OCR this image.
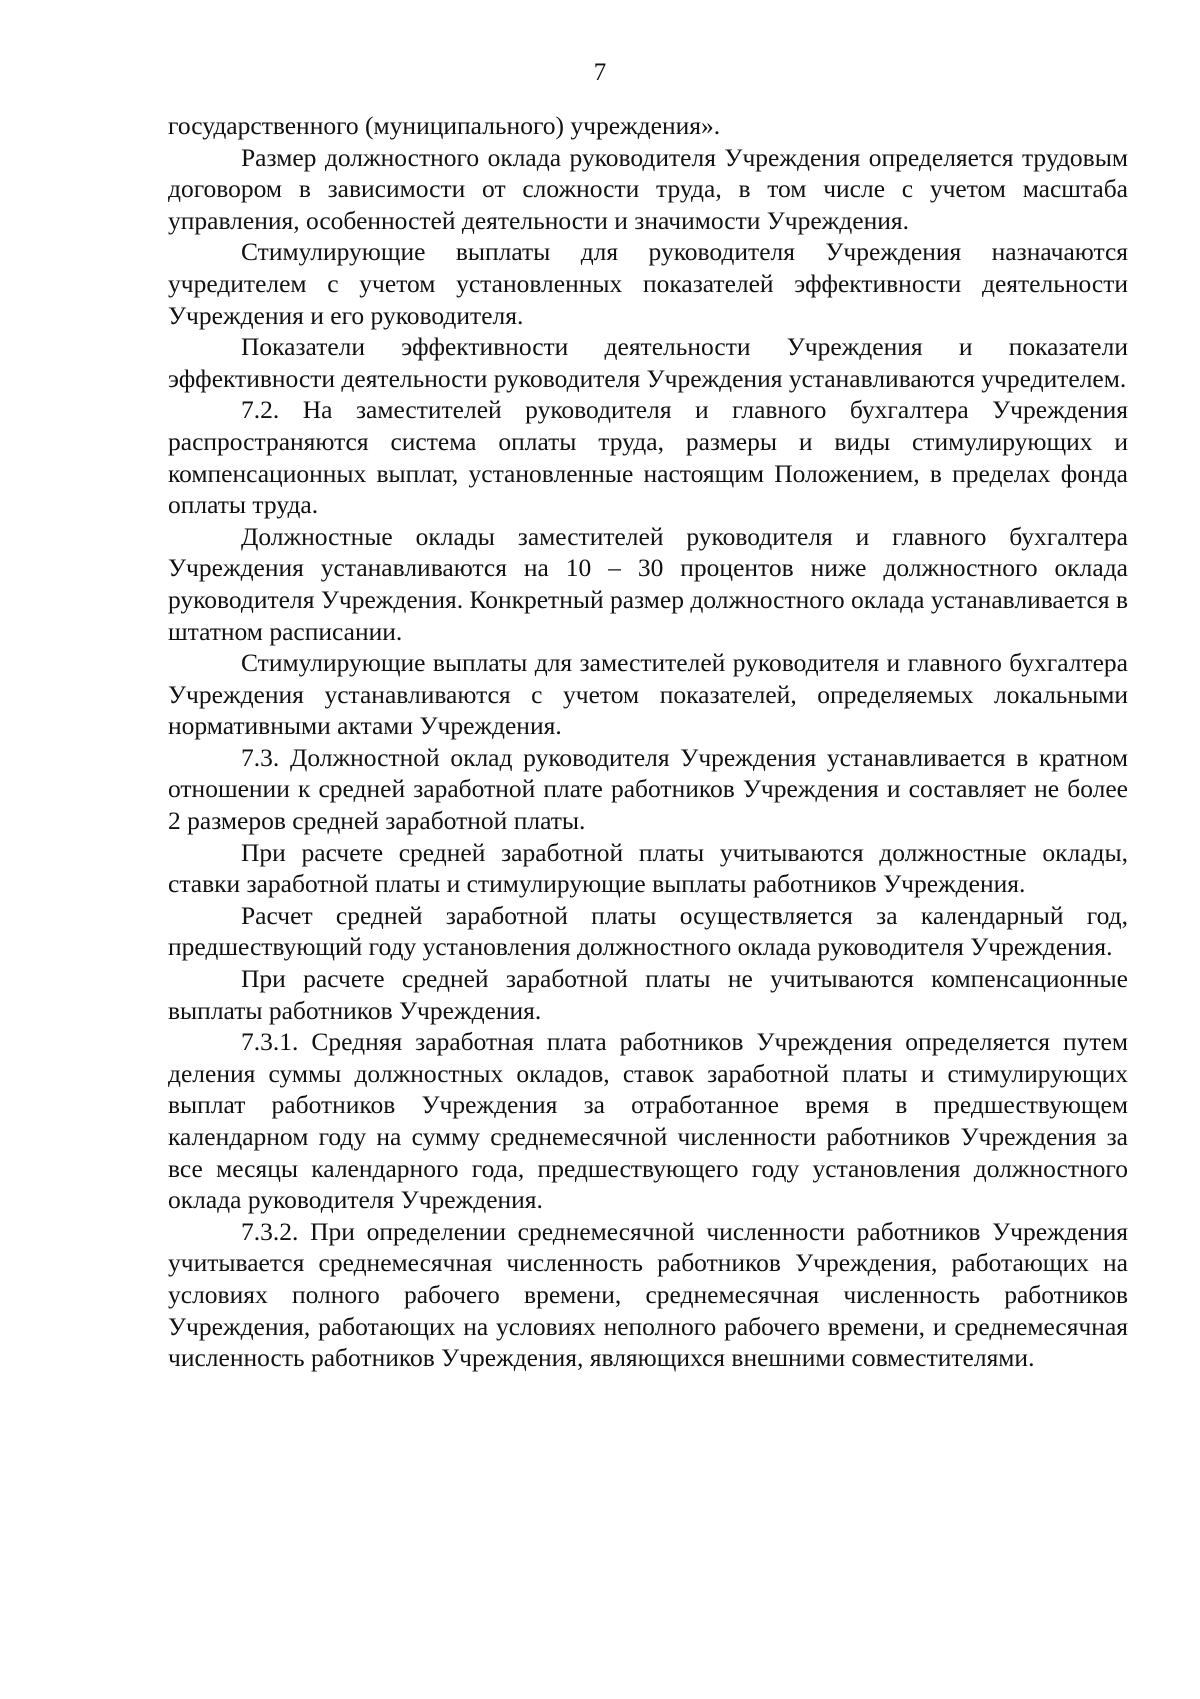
7

государственного (муниципального) учреждения».

Размер должностного оклада руководителя Учреждения определяется трудовым договором в зависимости от сложности труда, в том числе с учетом масштаба управления, особенностей деятельности и значимости Учреждения.

Стимулирующие выплаты для руководителя Учреждения назначаются учредителем с учетом установленных показателей эффективности деятельности Учреждения и его руководителя.

Показатели эффективности деятельности Учреждения и показатели эффективности деятельности руководителя Учреждения устанавливаются учредителем.

7.2. На заместителей руководителя и главного бухгалтера Учреждения распространяются система оплаты труда, размеры и виды стимулирующих и компенсационных выплат, установленные настоящим Положением, в пределах фонда оплаты труда.

Должностные оклады заместителей руководителя и главного бухгалтера Учреждения устанавливаются на 10 – 30 процентов ниже должностного оклада руководителя Учреждения. Конкретный размер должностного оклада устанавливается в штатном расписании.

Стимулирующие выплаты для заместителей руководителя и главного бухгалтера Учреждения устанавливаются с учетом показателей, определяемых локальными нормативными актами Учреждения.

7.3. Должностной оклад руководителя Учреждения устанавливается в кратном отношении к средней заработной плате работников Учреждения и составляет не более 2 размеров средней заработной платы.

При расчете средней заработной платы учитываются должностные оклады, ставки заработной платы и стимулирующие выплаты работников Учреждения.

Расчет средней заработной платы осуществляется за календарный год, предшествующий году установления должностного оклада руководителя Учреждения.

При расчете средней заработной платы не учитываются компенсационные выплаты работников Учреждения.

7.3.1. Средняя заработная плата работников Учреждения определяется путем деления суммы должностных окладов, ставок заработной платы и стимулирующих выплат работников Учреждения за отработанное время в предшествующем календарном году на сумму среднемесячной численности работников Учреждения за все месяцы календарного года, предшествующего году установления должностного оклада руководителя Учреждения.

7.3.2. При определении среднемесячной численности работников Учреждения учитывается среднемесячная численность работников Учреждения, работающих на условиях полного рабочего времени, среднемесячная численность работников Учреждения, работающих на условиях неполного рабочего времени, и среднемесячная численность работников Учреждения, являющихся внешними совместителями.
